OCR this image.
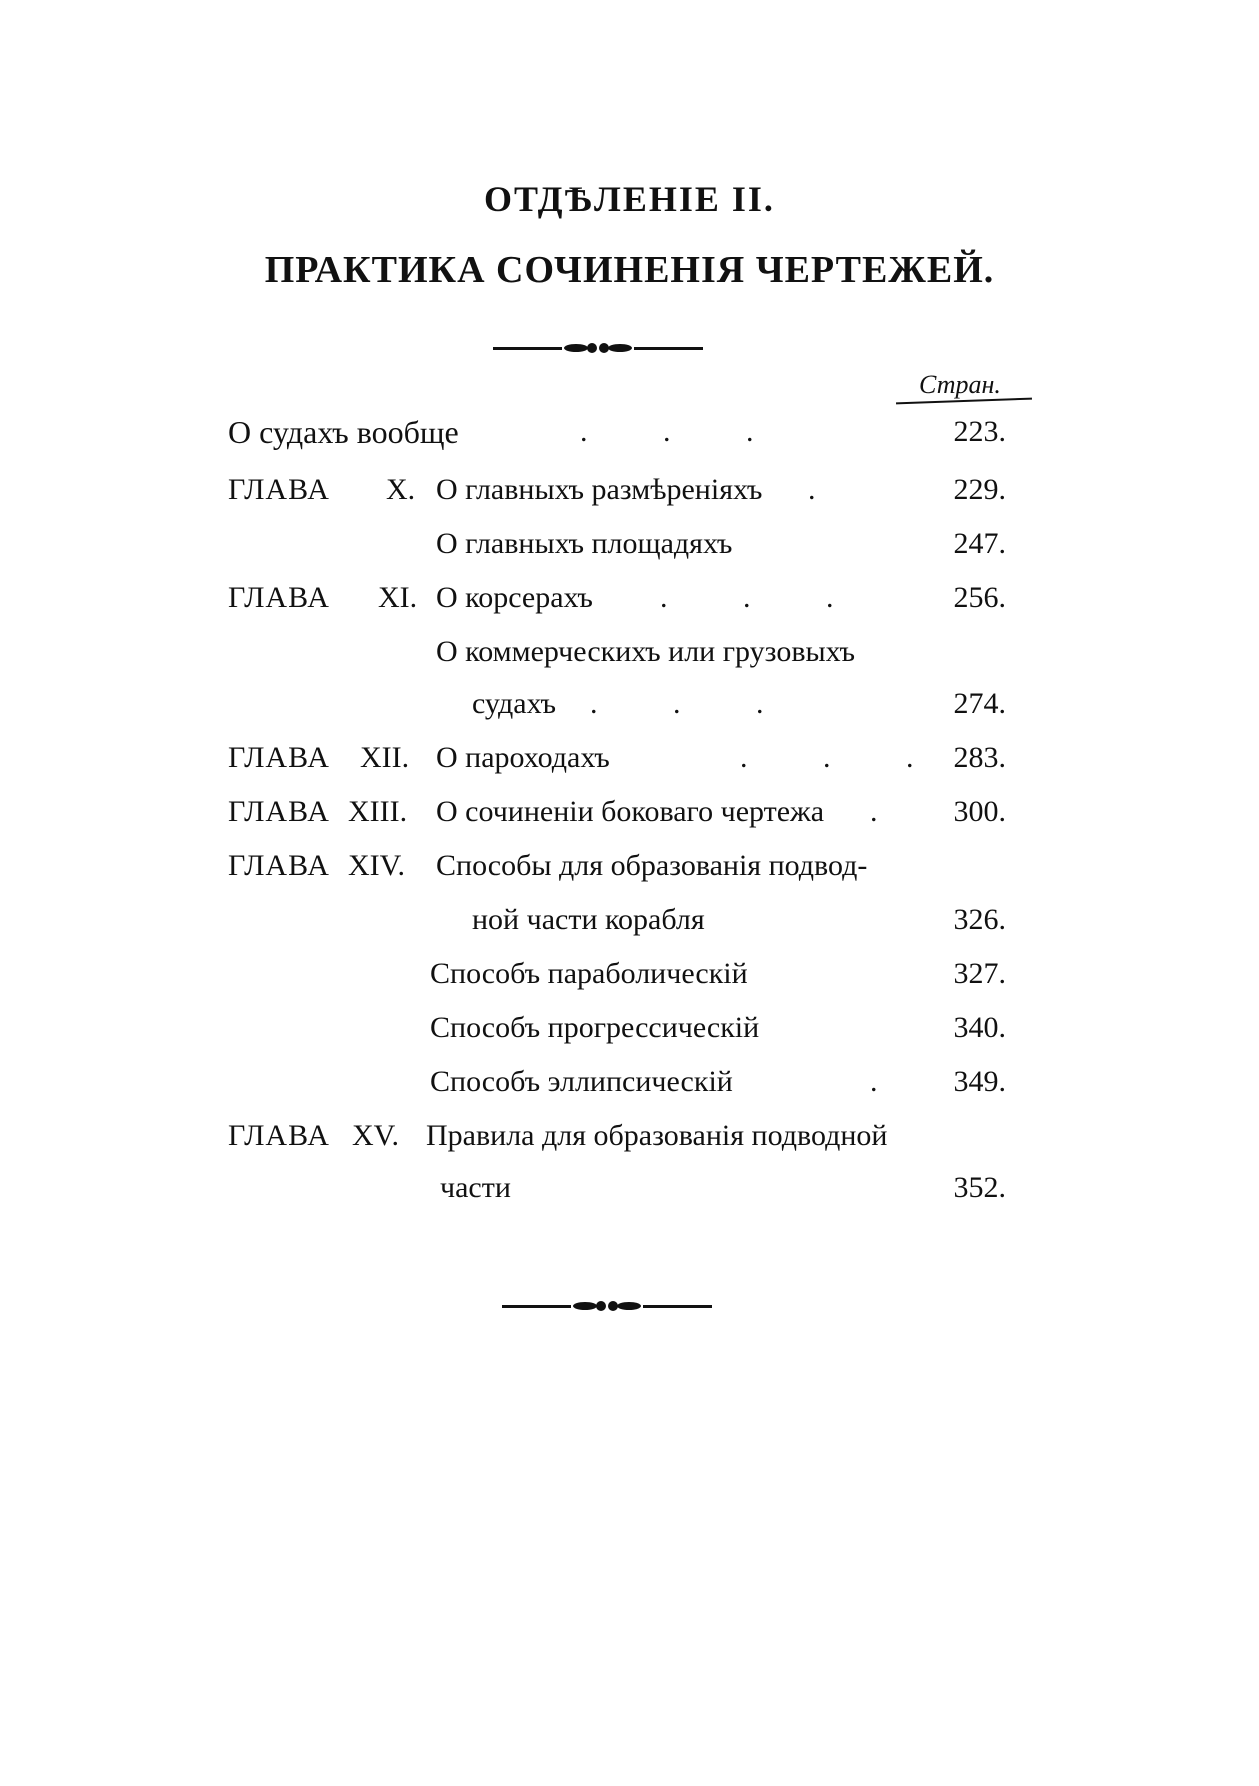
ОТДѢЛЕНІЕ II.
ПРАКТИКА СОЧИНЕНІЯ ЧЕРТЕЖЕЙ.
Стран.
О судахъ вообще	. . .	223.
ГЛАВА X. О главныхъ размѣреніяхъ .	229.
О главныхъ площадяхъ	247.
ГЛАВА XI. О корсерахъ . . .	256.
О коммерческихъ или грузовыхъ
судахъ . . .	274.
ГЛАВА XII. О пароходахъ	. . . 283.
ГЛАВА XIII. О сочиненіи боковаго чертежа .	300.
ГЛАВА XIV. Способы для образованія подвод-
ной части корабля	326.
Способъ параболическій	327.
Способъ прогрессическій	340.
Способъ эллипсическій	.	349.
ГЛАВА XV. Правила для образованія подводной
части	352.
